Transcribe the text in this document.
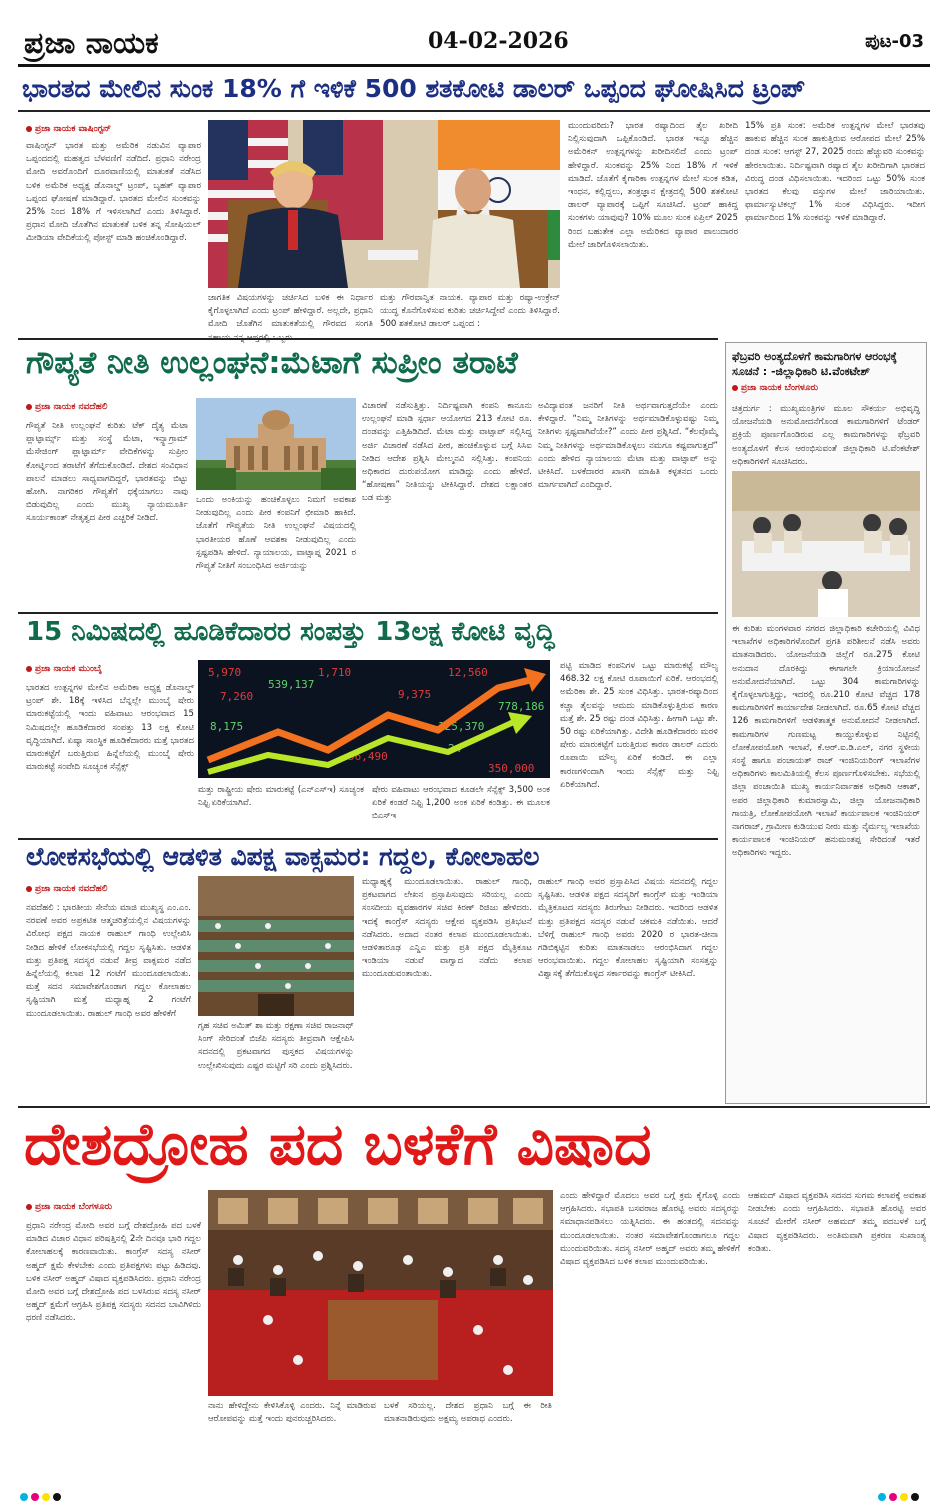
ಪ್ರಜಾ ನಾಯಕ	04-02-2026	ಪುಟ-03
ಭಾರತದ ಮೇಲಿನ ಸುಂಕ 18% ಗೆ ಇಳಿಕೆ 500 ಶತಕೋಟಿ ಡಾಲರ್ ಒಪ್ಪಂದ ಘೋಷಿಸಿದ ಟ್ರಂಪ್
ಪ್ರಜಾ ನಾಯಕ ವಾಷಿಂಗ್ಟನ್
ವಾಷಿಂಗ್ಟನ್ ಭಾರತ ಮತ್ತು ಅಮೆರಿಕ ನಡುವಿನ ವ್ಯಾಪಾರ ಒಪ್ಪಂದದಲ್ಲಿ ಮಹತ್ವದ ಬೆಳವಣಿಗೆ ನಡೆದಿದೆ. ಪ್ರಧಾನಿ ನರೇಂದ್ರ ಮೋದಿ ಅವರೊಂದಿಗೆ ದೂರವಾಣಿಯಲ್ಲಿ ಮಾತುಕತೆ ನಡೆಸಿದ ಬಳಿಕ ಅಮೆರಿಕ ಅಧ್ಯಕ್ಷ ಡೊನಾಲ್ಡ್ ಟ್ರಂಪ್, ಬೃಹತ್ ವ್ಯಾಪಾರ ಒಪ್ಪಂದ ಘೋಷಣೆ ಮಾಡಿದ್ದಾರೆ. ಭಾರತದ ಮೇಲಿನ ಸುಂಕವನ್ನು 25% ನಿಂದ 18% ಗೆ ಇಳಿಸಲಾಗಿದೆ ಎಂದು ತಿಳಿಸಿದ್ದಾರೆ. ಪ್ರಧಾನ ಮೋದಿ ಜೊತೆಗಿನ ಮಾತುಕತೆ ಬಳಿಕ ತನ್ನ ಸೋಷಿಯಲ್ ಮೀಡಿಯಾ ವೇದಿಕೆಯಲ್ಲಿ ಪೋಸ್ಟ್ ಮಾಡಿ ಹಂಚಿಕೊಂಡಿದ್ದಾರೆ.
ಜಾಗತಿಕ ವಿಷಯಗಳನ್ನು ಚರ್ಚಿಸಿದ ಬಳಿಕ ಈ ನಿರ್ಧಾರ ಕೈಗೊಳ್ಳಲಾಗಿದೆ ಎಂದು ಟ್ರಂಪ್ ಹೇಳಿದ್ದಾರೆ. ಅಲ್ಲದೇ, ಪ್ರಧಾನಿ ಮೋದಿ ಜೊತೆಗಿನ ಮಾತುಕತೆಯಲ್ಲಿ ಗೌರವದ ಸಂಗತಿ
ಮತ್ತು ಗೌರವಾನ್ವಿತ ನಾಯಕ. ವ್ಯಾಪಾರ ಮತ್ತು ರಷ್ಯಾ-ಉಕ್ರೇನ್ ಯುದ್ಧ ಕೊನೆಗೊಳಿಸುವ ಕುರಿತು ಚರ್ಚಿಸಿದ್ದೇವೆ ಎಂದು ತಿಳಿಸಿದ್ದಾರೆ. 500 ಶತಕೋಟಿ ಡಾಲರ್ ಒಪ್ಪಂದ :
ಮುಂದುವರಿದು? ಭಾರತ ರಷ್ಯಾದಿಂದ ತೈಲ ಖರೀದಿ ನಿಲ್ಲಿಸುವುದಾಗಿ ಒಪ್ಪಿಕೊಂಡಿದೆ. ಭಾರತ ಇನ್ನೂ ಹೆಚ್ಚಿನ ಅಮೆರಿಕನ್ ಉತ್ಪನ್ನಗಳನ್ನು ಖರೀದಿಸಲಿದೆ ಎಂದು ಟ್ರಂಪ್ ಹೇಳಿದ್ದಾರೆ. ಸುಂಕವನ್ನು 25% ನಿಂದ 18% ಗೆ ಇಳಿಕೆ ಮಾಡಿದೆ. ಜೊತೆಗೆ ಕೈಗಾರಿಕಾ ಉತ್ಪನ್ನಗಳ ಮೇಲೆ ಸುಂಕ ಕಡಿತ, ಇಂಧನ, ಕಲ್ಲಿದ್ದಲು, ತಂತ್ರಜ್ಞಾನ ಕ್ಷೇತ್ರದಲ್ಲಿ 500 ಶತಕೋಟಿ ಡಾಲರ್ ವ್ಯಾಪಾರಕ್ಕೆ ಒಪ್ಪಿಗೆ ಸೂಚಿಸಿದೆ. ಟ್ರಂಪ್ ಹಾಕಿದ್ದ ಸುಂಕಗಳು ಯಾವುವು? 10% ಮೂಲ ಸುಂಕ ಏಪ್ರಿಲ್ 2025 ರಿಂದ ಬಹುತೇಕ ಎಲ್ಲಾ ಅಮೆರಿಕದ ವ್ಯಾಪಾರ ಪಾಲುದಾರರ ಮೇಲೆ ಜಾರಿಗೊಳಿಸಲಾಯಿತು.
15% ಪ್ರತಿ ಸುಂಕ: ಅಮೆರಿಕ ಉತ್ಪನ್ನಗಳ ಮೇಲೆ ಭಾರತವು ಹಾಕುವ ಹೆಚ್ಚಿನ ಸುಂಕ ಹಾಕುತ್ತಿರುವ ಆರೋಪದ ಮೇಲೆ 25% ದಂಡ ಸುಂಕ: ಆಗಸ್ಟ್ 27, 2025 ರಂದು ಹೆಚ್ಚುವರಿ ಸುಂಕವನ್ನು ಹೇರಲಾಯಿತು. ನಿರ್ದಿಷ್ಟವಾಗಿ ರಷ್ಯಾದ ತೈಲ ಖರೀದಿಗಾಗಿ ಭಾರತದ ವಿರುದ್ಧ ದಂಡ ವಿಧಿಸಲಾಯಿತು. ಇದರಿಂದ ಒಟ್ಟು 50% ಸುಂಕ ಭಾರತದ ಕೆಲವು ವಸ್ತುಗಳ ಮೇಲೆ ಜಾರಿಯಾಯಿತು. ಫಾರ್ಮಾಸ್ಯುಟಿಕಲ್ಸ್ 1% ಸುಂಕ ವಿಧಿಸಿದ್ದರು. ಇದೀಗ ಫಾರ್ಮಾದಿಂದ 1% ಸುಂಕವನ್ನು ಇಳಿಕೆ ಮಾಡಿದ್ದಾರೆ.
ಗೌಪ್ಯತೆ ನೀತಿ ಉಲ್ಲಂಘನೆ:ಮೆಟಾಗೆ ಸುಪ್ರೀಂ ತರಾಟೆ
ಪ್ರಜಾ ನಾಯಕ ನವದೆಹಲಿ
ಗೌಪ್ಯತೆ ನೀತಿ ಉಲ್ಲಂಘನೆ ಕುರಿತು ಟೆಕ್ ದೈತ್ಯ ಮೆಟಾ ಪ್ಲಾಟ್ಫಾರ್ಮ್ಸ್ ಮತ್ತು ಸಂಸ್ಥೆ ಮೆಟಾ, ಇನ್ಸ್ಟಾಗ್ರಾಮ್ ಮೆಸೇಜಿಂಗ್ ಪ್ಲಾಟ್ಫಾರ್ಮ್ ವೇದಿಕೆಗಳನ್ನು ಸುಪ್ರೀಂ ಕೋರ್ಟ್ನಿಂದ ತರಾಟೆಗೆ ತೆಗೆದುಕೊಂಡಿದೆ. ದೇಶದ ಸಂವಿಧಾನ ಪಾಲನೆ ಮಾಡಲು ಸಾಧ್ಯವಾಗದಿದ್ದರೆ, ಭಾರತವನ್ನು ಬಿಟ್ಟು ಹೋಗಿ. ನಾಗರಿಕರ ಗೌಪ್ಯತೆಗೆ ಧಕ್ಕೆಯಾಗಲು ನಾವು ಬಿಡುವುದಿಲ್ಲ ಎಂದು ಮುಖ್ಯ ನ್ಯಾಯಮೂರ್ತಿ ಸೂರ್ಯಕಾಂತ್ ನೇತೃತ್ವದ ಪೀಠ ಎಚ್ಚರಿಕೆ ನೀಡಿದೆ.
ಒಂದು ಅಂಕಿಯನ್ನು ಹಂಚಿಕೊಳ್ಳಲು ನಿಮಗೆ ಅವಕಾಶ ನೀಡುವುದಿಲ್ಲ ಎಂದು ಪೀಠ ಕಂಪನಿಗೆ ಛೀಮಾರಿ ಹಾಕಿದೆ. ಜೊತೆಗೆ ಗೌಪ್ಯತೆಯ ನೀತಿ ಉಲ್ಲಂಘನೆ ವಿಷಯದಲ್ಲಿ ಭಾರತೀಯರ ಹೊಣೆ ಆವಶಕಾ ನೀಡುವುದಿಲ್ಲ ಎಂದು ಸ್ಪಷ್ಟಪಡಿಸಿ ಹೇಳಿದೆ. ನ್ಯಾಯಾಲಯ, ವಾಟ್ಸಾಪ್ನ 2021 ರ ಗೌಪ್ಯತೆ ನೀತಿಗೆ ಸಂಬಂಧಿಸಿದ ಅರ್ಜಿಯನ್ನು
ವಿಚಾರಣೆ ನಡೆಸುತ್ತಿತ್ತು. ನಿರ್ದಿಷ್ಟವಾಗಿ ಕಂಪನಿ ಕಾನೂನು ಉಲ್ಲಂಘನೆ ಮಾಡಿ ಸ್ಪರ್ಧಾ ಆಯೋಗದ 213 ಕೋಟಿ ರೂ. ದಂಡವನ್ನು ಎತ್ತಿಹಿಡಿದಿದೆ. ಮೆಟಾ ಮತ್ತು ವಾಟ್ಸಾಪ್ ಸಲ್ಲಿಸಿದ್ದ ಅರ್ಜಿ ವಿಚಾರಣೆ ನಡೆಸಿದ ಪೀಠ, ಹಂಚಿಕೊಳ್ಳುವ ಬಗ್ಗೆ ಸಿಸಿಐ ನೀಡಿದ ಆದೇಶ ಪ್ರಶ್ನಿಸಿ ಮೇಲ್ಮನವಿ ಸಲ್ಲಿಸಿತ್ತು. ಕಂಪನಿಯ ಅಧಿಕಾರದ ದುರುಪಯೋಗ ಮಾಡಿದ್ದು ಎಂದು ಹೇಳಿದೆ. “ಹೋಷಣಾ” ನೀತಿಯನ್ನು ಟೀಕಿಸಿದ್ದಾರೆ. ದೇಶದ ಲಕ್ಷಾಂತರ ಬಡ ಮತ್ತು
ಅವಿದ್ಯಾವಂತ ಜನರಿಗೆ ನೀತಿ ಅರ್ಥವಾಗುತ್ತದೆಯೇ ಎಂದು ಕೇಳಿದ್ದಾರೆ. “ನಿಮ್ಮ ನೀತಿಗಳನ್ನು ಅರ್ಥಮಾಡಿಕೊಳ್ಳುವಷ್ಟು ನಿಮ್ಮ ನೀತಿಗಳು ಸ್ಪಷ್ಟವಾಗಿವೆಯೇ?” ಎಂದು ಪೀಠ ಪ್ರಶ್ನಿಸಿದೆ. “ಕೆಲವೊಮ್ಮೆ ನಿಮ್ಮ ನೀತಿಗಳನ್ನು ಅರ್ಥಮಾಡಿಕೊಳ್ಳಲು ನಮಗೂ ಕಷ್ಟವಾಗುತ್ತದೆ” ಎಂದು ಹೇಳಿದ ನ್ಯಾಯಾಲಯ ಮೆಟಾ ಮತ್ತು ವಾಟ್ಸಾಪ್ ಅನ್ನು ಟೀಕಿಸಿದೆ. ಬಳಕೆದಾರರ ಖಾಸಗಿ ಮಾಹಿತಿ ಕಳ್ಳತನದ ಒಂದು ಮಾರ್ಗವಾಗಿದೆ ಎಂದಿದ್ದಾರೆ.
15 ನಿಮಿಷದಲ್ಲಿ ಹೂಡಿಕೆದಾರರ ಸಂಪತ್ತು 13ಲಕ್ಷ ಕೋಟಿ ವೃದ್ಧಿ
ಪ್ರಜಾ ನಾಯಕ ಮುಂಬೈ
ಭಾರತದ ಉತ್ಪನ್ನಗಳ ಮೇಲಿನ ಅಮೆರಿಕಾ ಅಧ್ಯಕ್ಷ ಡೊನಾಲ್ಡ್ ಟ್ರಂಪ್ ಶೇ. 18ಕ್ಕೆ ಇಳಿಸಿದ ಬೆನ್ನಲ್ಲೇ ಮುಂಬೈ ಷೇರು ಮಾರುಕಟ್ಟೆಯಲ್ಲಿ ಇಂದು ವಹಿವಾಟು ಆರಂಭವಾದ 15 ನಿಮಿಷದಲ್ಲೇ ಹೂಡಿಕೆದಾರರ ಸಂಪತ್ತು 13 ಲಕ್ಷ ಕೋಟಿ ವೃದ್ಧಿಯಾಗಿದೆ. ಏಷ್ಯಾ ಸಾಂಸ್ಥಿಕ ಹೂಡಿಕೆದಾರರು ಮತ್ತೆ ಭಾರತದ ಮಾರುಕಟ್ಟೆಗೆ ಬರುತ್ತಿರುವ ಹಿನ್ನೆಲೆಯಲ್ಲಿ ಮುಂಬೈ ಷೇರು ಮಾರುಕಟ್ಟೆ ಸಂವೇದಿ ಸೂಚ್ಯಂಕ ಸೆನ್ಸೆಕ್ಸ್
5,970	1,710	12,560
7,260	9,375
56,490
350,000
539,137
778,186
125,370
8,175
24
ಮತ್ತು ರಾಷ್ಟ್ರೀಯ ಷೇರು ಮಾರುಕಟ್ಟೆ (ಎನ್ಎಸ್ಇ) ಸೂಚ್ಯಂಕ ನಿಫ್ಟಿ ಏರಿಕೆಯಾಗಿವೆ.
ಷೇರು ವಹಿವಾಟು ಆರಂಭವಾದ ಕೂಡಲೇ ಸೆನ್ಸೆಕ್ಸ್ 3,500 ಅಂಕ ಏರಿಕೆ ಕಂಡರೆ ನಿಫ್ಟಿ 1,200 ಅಂಕ ಏರಿಕೆ ಕಂಡಿತ್ತು. ಈ ಮೂಲಕ ಬಿಎಸ್ಇ
ಪಟ್ಟಿ ಮಾಡಿದ ಕಂಪನಿಗಳ ಒಟ್ಟು ಮಾರುಕಟ್ಟೆ ಮೌಲ್ಯ 468.32 ಲಕ್ಷ ಕೋಟಿ ರೂಪಾಯಿಗೆ ಏರಿಕೆ. ಆರಂಭದಲ್ಲಿ ಅಮೆರಿಕಾ ಶೇ. 25 ಸುಂಕ ವಿಧಿಸಿತ್ತು. ಭಾರತ-ರಷ್ಯಾದಿಂದ ಕಚ್ಚಾ ತೈಲವನ್ನು ಆಮದು ಮಾಡಿಕೊಳ್ಳುತ್ತಿರುವ ಕಾರಣ ಮತ್ತೆ ಶೇ. 25 ರಷ್ಟು ದಂಡ ವಿಧಿಸಿತ್ತು. ಹೀಗಾಗಿ ಒಟ್ಟು ಶೇ. 50 ರಷ್ಟು ಏರಿಕೆಯಾಗಿತ್ತು. ವಿದೇಶಿ ಹೂಡಿಕೆದಾರರು ಮರಳಿ ಷೇರು ಮಾರುಕಟ್ಟೆಗೆ ಬರುತ್ತಿರುವ ಕಾರಣ ಡಾಲರ್ ಎದುರು ರೂಪಾಯಿ ಮೌಲ್ಯ ಏರಿಕೆ ಕಂಡಿದೆ. ಈ ಎಲ್ಲಾ ಕಾರಣಗಳಿಂದಾಗಿ ಇಂದು ಸೆನ್ಸೆಕ್ಸ್ ಮತ್ತು ನಿಫ್ಟಿ ಏರಿಕೆಯಾಗಿದೆ.
ಲೋಕಸಭೆಯಲ್ಲಿ ಆಡಳಿತ ವಿಪಕ್ಷ ವಾಕ್ಸಮರ: ಗದ್ದಲ, ಕೋಲಾಹಲ
ಪ್ರಜಾ ನಾಯಕ ನವದೆಹಲಿ
ನವದೆಹಲಿ : ಭಾರತೀಯ ಸೇನೆಯ ಮಾಜಿ ಮುಖ್ಯಸ್ಥ ಎಂ.ಎಂ. ನರವಣೆ ಅವರ ಅಪ್ರಕಟಿತ ಆತ್ಮಚರಿತ್ರೆಯಲ್ಲಿನ ವಿಷಯಗಳನ್ನು ವಿರೋಧ ಪಕ್ಷದ ನಾಯಕ ರಾಹುಲ್ ಗಾಂಧಿ ಉಲ್ಲೇಖಿಸಿ ನೀಡಿದ ಹೇಳಿಕೆ ಲೋಕಸಭೆಯಲ್ಲಿ ಗದ್ದಲ ಸೃಷ್ಟಿಸಿತು. ಆಡಳಿತ ಮತ್ತು ಪ್ರತಿಪಕ್ಷ ಸದಸ್ಯರ ನಡುವೆ ತೀವ್ರ ವಾಕ್ಸಮರ ನಡೆದ ಹಿನ್ನೆಲೆಯಲ್ಲಿ ಕಲಾಪ 12 ಗಂಟೆಗೆ ಮುಂದೂಡಲಾಯಿತು. ಮತ್ತೆ ಸದನ ಸಮಾವೇಶಗೊಂಡಾಗ ಗದ್ದಲ ಕೋಲಾಹಲ ಸೃಷ್ಟಿಯಾಗಿ ಮತ್ತೆ ಮಧ್ಯಾಹ್ನ 2 ಗಂಟೆಗೆ ಮುಂದೂಡಲಾಯಿತು. ರಾಹುಲ್ ಗಾಂಧಿ ಅವರ ಹೇಳಿಕೆಗೆ
ಗೃಹ ಸಚಿವ ಅಮಿತ್ ಶಾ ಮತ್ತು ರಕ್ಷಣಾ ಸಚಿವ ರಾಜನಾಥ್ ಸಿಂಗ್ ಸೇರಿದಂತೆ ಬಿಜೆಪಿ ಸದಸ್ಯರು ತೀವ್ರವಾಗಿ ಆಕ್ಷೇಪಿಸಿ ಸದನದಲ್ಲಿ ಪ್ರಕಟವಾಗದ ಪುಸ್ತಕದ ವಿಷಯಗಳನ್ನು ಉಲ್ಲೇಖಿಸುವುದು ಎಷ್ಟರ ಮಟ್ಟಿಗೆ ಸರಿ ಎಂದು ಪ್ರಶ್ನಿಸಿದರು.
ಮಧ್ಯಾಹ್ನಕ್ಕೆ ಮುಂದೂಡಲಾಯಿತು. ರಾಹುಲ್ ಗಾಂಧಿ, ಪ್ರಕಟವಾಗದ ಲೇಖನ ಪ್ರಸ್ತಾಪಿಸುವುದು ಸರಿಯಲ್ಲ ಎಂದು ಸಂಸದೀಯ ವ್ಯವಹಾರಗಳ ಸಚಿವ ಕಿರಣ್ ರಿಜಿಜು ಹೇಳಿದರು. ಇದಕ್ಕೆ ಕಾಂಗ್ರೆಸ್ ಸದಸ್ಯರು ಆಕ್ಷೇಪ ವ್ಯಕ್ತಪಡಿಸಿ ಪ್ರತಿಭಟನೆ ನಡೆಸಿದರು. ಅದಾದ ನಂತರ ಕಲಾಪ ಮುಂದೂಡಲಾಯಿತು. ಆಡಳಿತಾರೂಢ ಎನ್ಡಿಎ ಮತ್ತು ಪ್ರತಿ ಪಕ್ಷದ ಮೈತ್ರಿಕೂಟ ಇಂಡಿಯಾ ನಡುವೆ ವಾಗ್ವಾದ ನಡೆದು ಕಲಾಪ ಮುಂದೂಡುವಂತಾಯಿತು.
ರಾಹುಲ್ ಗಾಂಧಿ ಅವರ ಪ್ರಸ್ತಾಪಿಸಿದ ವಿಷಯ ಸದನದಲ್ಲಿ ಗದ್ದಲ ಸೃಷ್ಟಿಸಿತು. ಆಡಳಿತ ಪಕ್ಷದ ಸದಸ್ಯರಿಗೆ ಕಾಂಗ್ರೆಸ್ ಮತ್ತು ಇಂಡಿಯಾ ಮೈತ್ರಿಕೂಟದ ಸದಸ್ಯರು ತಿರುಗೇಟು ನೀಡಿದರು. ಇದರಿಂದ ಆಡಳಿತ ಮತ್ತು ಪ್ರತಿಪಕ್ಷದ ಸದಸ್ಯರ ನಡುವೆ ಚಕಮಕಿ ನಡೆಯಿತು. ಆದರೆ ಬೆಳಿಗ್ಗೆ ರಾಹುಲ್ ಗಾಂಧಿ ಅವರು 2020 ರ ಭಾರತ-ಚೀನಾ ಗಡಿಬಿಕ್ಕಟ್ಟಿನ ಕುರಿತು ಮಾತನಾಡಲು ಆರಂಭಿಸಿದಾಗ ಗದ್ದಲ ಆರಂಭವಾಯಿತು. ಗದ್ದಲ ಕೋಲಾಹಲ ಸೃಷ್ಟಿಯಾಗಿ ಸಂಸತ್ತನ್ನು ವಿಶ್ವಾಸಕ್ಕೆ ತೆಗೆದುಕೊಳ್ಳದ ಸರ್ಕಾರವನ್ನು ಕಾಂಗ್ರೆಸ್ ಟೀಕಿಸಿದೆ.
ಫೆಬ್ರವರಿ ಅಂತ್ಯದೊಳಗೆ ಕಾಮಗಾರಿಗಳ ಆರಂಭಕ್ಕೆ ಸೂಚನೆ : -ಜಿಲ್ಲಾಧಿಕಾರಿ ಟಿ.ವೆಂಕಟೇಶ್
ಪ್ರಜಾ ನಾಯಕ ಬೆಂಗಳೂರು
ಚಿತ್ರದುರ್ಗ : ಮುಖ್ಯಮಂತ್ರಿಗಳ ಮೂಲ ಸೌಕರ್ಯ ಅಭಿವೃದ್ಧಿ ಯೋಜನೆಯಡಿ ಅನುಮೋದನೆಗೊಂಡ ಕಾಮಗಾರಿಗಳಿಗೆ ಟೆಂಡರ್ ಪ್ರಕ್ರಿಯೆ ಪೂರ್ಣಗೊಂಡಿರುವ ಎಲ್ಲ ಕಾಮಗಾರಿಗಳನ್ನು ಫೆಬ್ರವರಿ ಅಂತ್ಯದೊಳಗೆ ಕೆಲಸ ಆರಂಭಿಸುವಂತೆ ಜಿಲ್ಲಾಧಿಕಾರಿ ಟಿ.ವೆಂಕಟೇಶ್ ಅಧಿಕಾರಿಗಳಿಗೆ ಸೂಚಿಸಿದರು.
ಈ ಕುರಿತು ಮಂಗಳವಾರ ನಗರದ ಜಿಲ್ಲಾಧಿಕಾರಿ ಕಚೇರಿಯಲ್ಲಿ ವಿವಿಧ ಇಲಾಖೆಗಳ ಅಧಿಕಾರಿಗಳೊಂದಿಗೆ ಪ್ರಗತಿ ಪರಿಶೀಲನೆ ನಡೆಸಿ ಅವರು ಮಾತನಾಡಿದರು. ಯೋಜನೆಯಡಿ ಜಿಲ್ಲೆಗೆ ರೂ.275 ಕೋಟಿ ಅನುದಾನ ದೊರಕಿದ್ದು ಈಗಾಗಲೇ ಕ್ರಿಯಾಯೋಜನೆ ಅನುಮೋದನೆಯಾಗಿದೆ. ಒಟ್ಟು 304 ಕಾಮಗಾರಿಗಳನ್ನು ಕೈಗೊಳ್ಳಲಾಗುತ್ತಿದ್ದು, ಇದರಲ್ಲಿ ರೂ.210 ಕೋಟಿ ವೆಚ್ಚದ 178 ಕಾಮಗಾರಿಗಳಿಗೆ ಕಾರ್ಯಾದೇಶ ನೀಡಲಾಗಿದೆ. ರೂ.65 ಕೋಟಿ ವೆಚ್ಚದ 126 ಕಾಮಗಾರಿಗಳಿಗೆ ಆಡಳಿತಾತ್ಮಕ ಅನುಮೋದನೆ ನೀಡಲಾಗಿದೆ. ಕಾಮಗಾರಿಗಳ ಗುಣಮಟ್ಟ ಕಾಯ್ದುಕೊಳ್ಳುವ ನಿಟ್ಟಿನಲ್ಲಿ ಲೋಕೋಪಯೋಗಿ ಇಲಾಖೆ, ಕೆ.ಆರ್.ಐ.ಡಿ.ಎಲ್, ನಗರ ಸ್ಥಳೀಯ ಸಂಸ್ಥೆ ಹಾಗೂ ಪಂಚಾಯತ್ ರಾಜ್ ಇಂಜಿನಿಯರಿಂಗ್ ಇಲಾಖೆಗಳ ಅಧಿಕಾರಿಗಳು ಕಾಲಮಿತಿಯಲ್ಲಿ ಕೆಲಸ ಪೂರ್ಣಗೊಳಿಸಬೇಕು. ಸಭೆಯಲ್ಲಿ ಜಿಲ್ಲಾ ಪಂಚಾಯಿತಿ ಮುಖ್ಯ ಕಾರ್ಯನಿರ್ವಾಹಕ ಅಧಿಕಾರಿ ಆಕಾಶ್, ಅಪರ ಜಿಲ್ಲಾಧಿಕಾರಿ ಕುಮಾರಸ್ವಾಮಿ, ಜಿಲ್ಲಾ ಯೋಜನಾಧಿಕಾರಿ ಗಾಯತ್ರಿ, ಲೋಕೋಪಯೋಗಿ ಇಲಾಖೆ ಕಾರ್ಯಪಾಲಕ ಇಂಜಿನಿಯರ್ ನಾಗರಾಜ್, ಗ್ರಾಮೀಣ ಕುಡಿಯುವ ನೀರು ಮತ್ತು ನೈರ್ಮಲ್ಯ ಇಲಾಖೆಯ ಕಾರ್ಯಪಾಲಕ ಇಂಜಿನಿಯರ್ ಹನುಮಂತಪ್ಪ ಸೇರಿದಂತೆ ಇತರೆ ಅಧಿಕಾರಿಗಳು ಇದ್ದರು.
ದೇಶದ್ರೋಹ ಪದ ಬಳಕೆಗೆ ವಿಷಾದ
ಪ್ರಜಾ ನಾಯಕ ಬೆಂಗಳೂರು
ಪ್ರಧಾನಿ ನರೇಂದ್ರ ಮೋದಿ ಅವರ ಬಗ್ಗೆ ದೇಶದ್ರೋಹಿ ಪದ ಬಳಕೆ ಮಾಡಿದ ವಿಚಾರ ವಿಧಾನ ಪರಿಷತ್ತಿನಲ್ಲಿ 2ನೇ ದಿನವೂ ಭಾರಿ ಗದ್ದಲ ಕೋಲಾಹಲಕ್ಕೆ ಕಾರಣವಾಯಿತು. ಕಾಂಗ್ರೆಸ್ ಸದಸ್ಯ ನಸೀರ್ ಅಹ್ಮದ್ ಕ್ಷಮೆ ಕೇಳಬೇಕು ಎಂದು ಪ್ರತಿಪಕ್ಷಗಳು ಪಟ್ಟು ಹಿಡಿದವು. ಬಳಿಕ ನಸೀರ್ ಅಹ್ಮದ್ ವಿಷಾದ ವ್ಯಕ್ತಪಡಿಸಿದರು. ಪ್ರಧಾನಿ ನರೇಂದ್ರ ಮೋದಿ ಅವರ ಬಗ್ಗೆ ದೇಶದ್ರೋಹಿ ಪದ ಬಳಸಿರುವ ಸದಸ್ಯ ನಸೀರ್ ಅಹ್ಮದ್ ಕ್ಷಮೆಗೆ ಆಗ್ರಹಿಸಿ ಪ್ರತಿಪಕ್ಷ ಸದಸ್ಯರು ಸದನದ ಬಾವಿಗಿಳಿದು ಧರಣಿ ನಡೆಸಿದರು.
ನಾನು ಹೇಳಿದ್ದೇನು ಕೇಳಿಸಿಕೊಳ್ಳಿ ಎಂದರು. ನಿನ್ನೆ ಮಾಡಿರುವ ಆರೋಪವನ್ನು ಮತ್ತೆ ಇಂದು ಪುನರುಚ್ಚರಿಸಿದರು.
ಬಳಕೆ ಸರಿಯಲ್ಲ. ದೇಶದ ಪ್ರಧಾನಿ ಬಗ್ಗೆ ಈ ರೀತಿ ಮಾತನಾಡಿರುವುದು ಅಕ್ಷಮ್ಯ ಅಪರಾಧ ಎಂದರು.
ಎಂದು ಹೇಳಿದ್ದಾರೆ ಮೊದಲು ಅವರ ಬಗ್ಗೆ ಕ್ರಮ ಕೈಗೊಳ್ಳಿ ಎಂದು ಆಗ್ರಹಿಸಿದರು. ಸಭಾಪತಿ ಬಸವರಾಜ ಹೊರಟ್ಟಿ ಅವರು ಸದಸ್ಯರನ್ನು ಸಮಾಧಾನಪಡಿಸಲು ಯತ್ನಿಸಿದರು. ಈ ಹಂತದಲ್ಲಿ ಸದನವನ್ನು ಮುಂದೂಡಲಾಯಿತು. ನಂತರ ಸಮಾವೇಶಗೊಂಡಾಗಲೂ ಗದ್ದಲ ಮುಂದುವರಿಯಿತು. ಸದಸ್ಯ ನಸೀರ್ ಅಹ್ಮದ್ ಅವರು ತಮ್ಮ ಹೇಳಿಕೆಗೆ ವಿಷಾದ ವ್ಯಕ್ತಪಡಿಸಿದ ಬಳಿಕ ಕಲಾಪ ಮುಂದುವರಿಯಿತು.
ಆಹಮದ್ ವಿಷಾದ ವ್ಯಕ್ತಪಡಿಸಿ ಸದನದ ಸುಗಮ ಕಲಾಪಕ್ಕೆ ಅವಕಾಶ ನೀಡಬೇಕು ಎಂದು ಆಗ್ರಹಿಸಿದರು. ಸಭಾಪತಿ ಹೊರಟ್ಟಿ ಅವರ ಸೂಚನೆ ಮೇರೆಗೆ ನಸೀರ್ ಅಹಮದ್ ತಮ್ಮ ಪದಬಳಕೆ ಬಗ್ಗೆ ವಿಷಾದ ವ್ಯಕ್ತಪಡಿಸಿದರು. ಅಂತಿಮವಾಗಿ ಪ್ರಕರಣ ಸುಖಾಂತ್ಯ ಕಂಡಿತು.
